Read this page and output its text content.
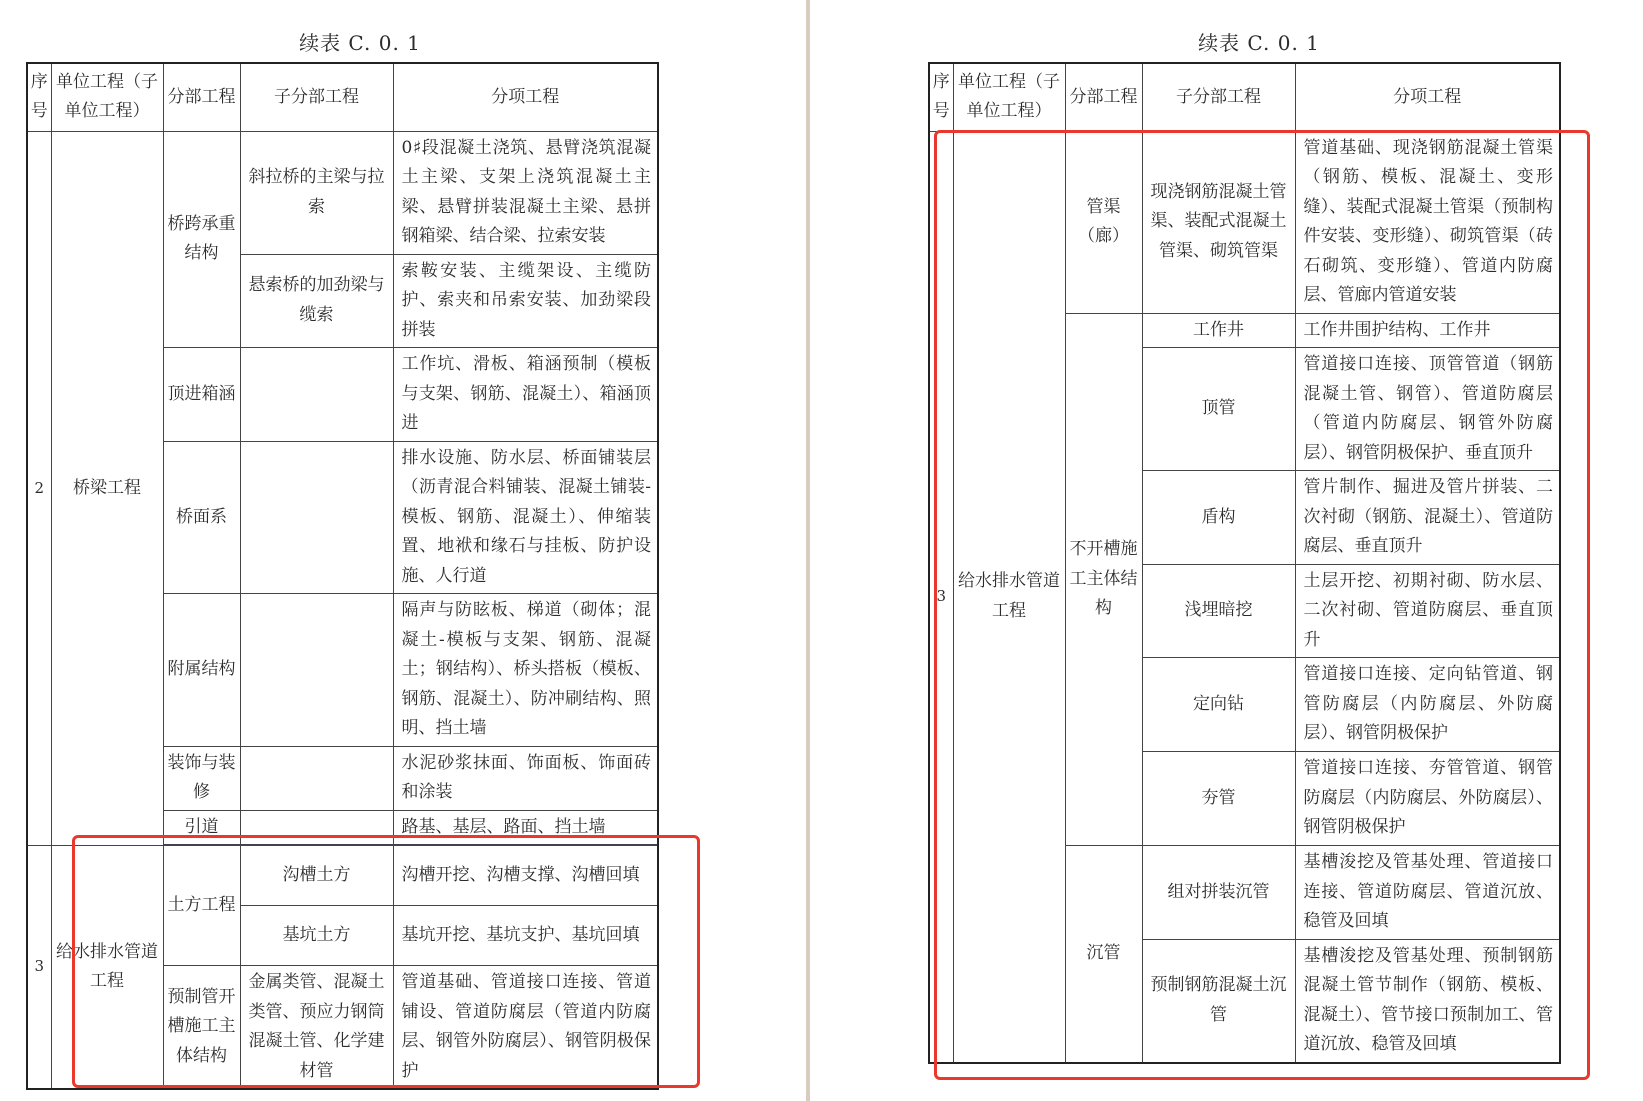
续表 C. 0. 1
序号	单位工程（子单位工程）	分部工程	子分部工程	分项工程
2	桥梁工程	桥跨承重结构	斜拉桥的主梁与拉索	0♯段混凝土浇筑、悬臂浇筑混凝土主梁、支架上浇筑混凝土主梁、悬臂拼装混凝土主梁、悬拼钢箱梁、结合梁、拉索安装
			悬索桥的加劲梁与缆索	索鞍安装、主缆架设、主缆防护、索夹和吊索安装、加劲梁段拼装
		顶进箱涵		工作坑、滑板、箱涵预制（模板与支架、钢筋、混凝土）、箱涵顶进
		桥面系		排水设施、防水层、桥面铺装层（沥青混合料铺装、混凝土铺装-模板、钢筋、混凝土）、伸缩装置、地袱和缘石与挂板、防护设施、人行道
		附属结构		隔声与防眩板、梯道（砌体；混凝土-模板与支架、钢筋、混凝土；钢结构）、桥头搭板（模板、钢筋、混凝土）、防冲刷结构、照明、挡土墙
		装饰与装修		水泥砂浆抹面、饰面板、饰面砖和涂装
		引道		路基、基层、路面、挡土墙

3	给水排水管道工程	土方工程	沟槽土方	沟槽开挖、沟槽支撑、沟槽回填
			基坑土方	基坑开挖、基坑支护、基坑回填
		预制管开槽施工主体结构	金属类管、混凝土类管、预应力钢筒混凝土管、化学建材管	管道基础、管道接口连接、管道铺设、管道防腐层（管道内防腐层、钢管外防腐层）、钢管阴极保护
续表 C. 0. 1
序号	单位工程（子单位工程）	分部工程	子分部工程	分项工程
3	给水排水管道工程	管渠（廊）	现浇钢筋混凝土管渠、装配式混凝土管渠、砌筑管渠	管道基础、现浇钢筋混凝土管渠（钢筋、模板、混凝土、变形缝）、装配式混凝土管渠（预制构件安装、变形缝）、砌筑管渠（砖石砌筑、变形缝）、管道内防腐层、管廊内管道安装
		不开槽施工主体结构	工作井	工作井围护结构、工作井
			顶管	管道接口连接、顶管管道（钢筋混凝土管、钢管）、管道防腐层（管道内防腐层、钢管外防腐层）、钢管阴极保护、垂直顶升
			盾构	管片制作、掘进及管片拼装、二次衬砌（钢筋、混凝土）、管道防腐层、垂直顶升
			浅埋暗挖	土层开挖、初期衬砌、防水层、二次衬砌、管道防腐层、垂直顶升
			定向钻	管道接口连接、定向钻管道、钢管防腐层（内防腐层、外防腐层）、钢管阴极保护
			夯管	管道接口连接、夯管管道、钢管防腐层（内防腐层、外防腐层）、钢管阴极保护
		沉管	组对拼装沉管	基槽浚挖及管基处理、管道接口连接、管道防腐层、管道沉放、稳管及回填
			预制钢筋混凝土沉管	基槽浚挖及管基处理、预制钢筋混凝土管节制作（钢筋、模板、混凝土）、管节接口预制加工、管道沉放、稳管及回填
